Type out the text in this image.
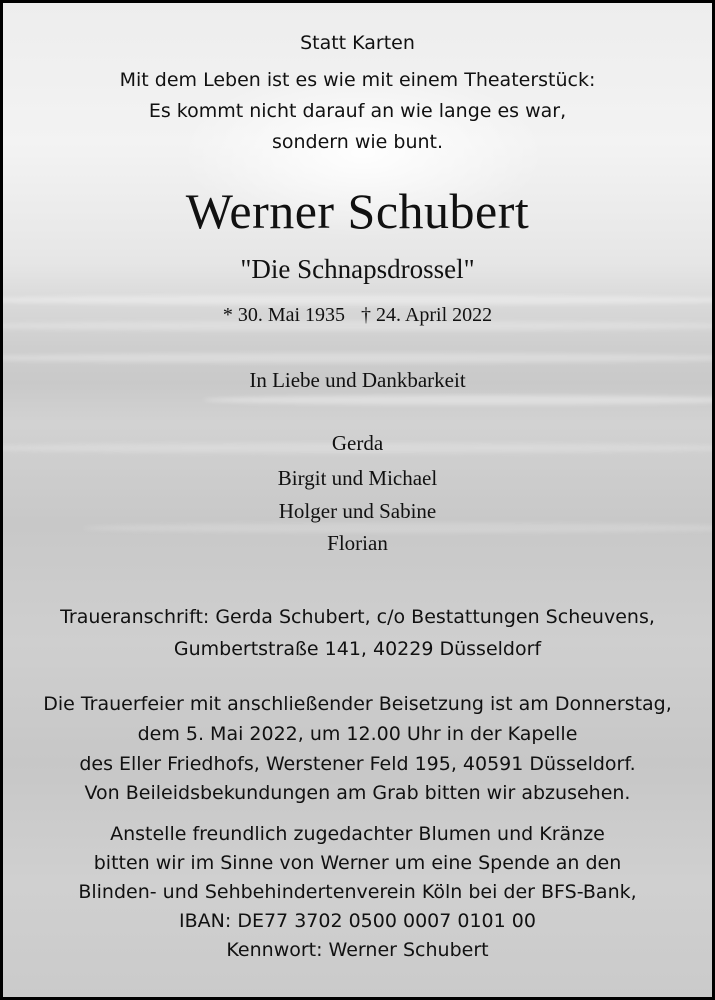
Statt Karten
Mit dem Leben ist es wie mit einem Theaterstück:
Es kommt nicht darauf an wie lange es war,
sondern wie bunt.
Werner Schubert
"Die Schnapsdrossel"
* 30. Mai 1935 † 24. April 2022
In Liebe und Dankbarkeit
Gerda
Birgit und Michael
Holger und Sabine
Florian
Traueranschrift: Gerda Schubert, c/o Bestattungen Scheuvens,
Gumbertstraße 141, 40229 Düsseldorf
Die Trauerfeier mit anschließender Beisetzung ist am Donnerstag,
dem 5. Mai 2022, um 12.00 Uhr in der Kapelle
des Eller Friedhofs, Werstener Feld 195, 40591 Düsseldorf.
Von Beileidsbekundungen am Grab bitten wir abzusehen.
Anstelle freundlich zugedachter Blumen und Kränze
bitten wir im Sinne von Werner um eine Spende an den
Blinden- und Sehbehindertenverein Köln bei der BFS-Bank,
IBAN: DE77 3702 0500 0007 0101 00
Kennwort: Werner Schubert
